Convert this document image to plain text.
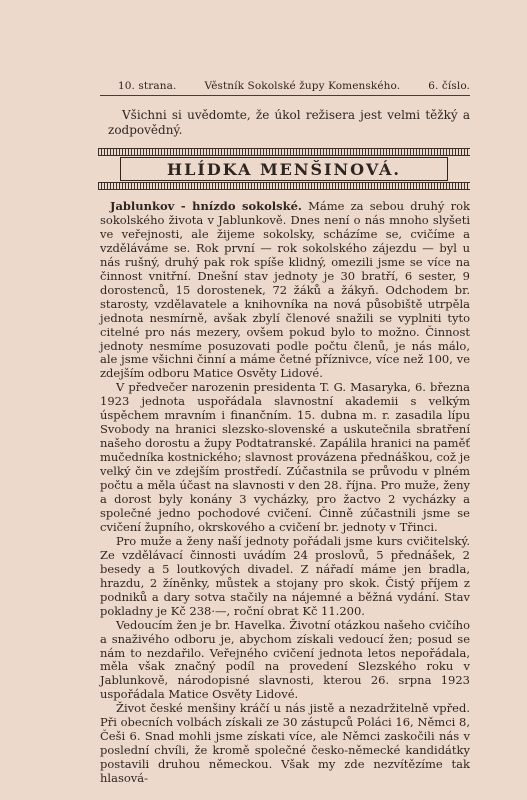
10. strana.	Věstník Sokolské župy Komenského.	6. číslo.

Všichni si uvědomte, že úkol režisera jest velmi těžký a zodpovědný.

HLÍDKA MENŠINOVÁ.

Jablunkov - hnízdo sokolské. Máme za sebou druhý rok sokolského života v Jablunkově. Dnes není o nás mnoho slyšeti ve veřejnosti, ale žijeme sokolsky, scházíme se, cvičíme a vzděláváme se. Rok první — rok sokolského zájezdu — byl u nás rušný, druhý pak rok spíše klidný, omezili jsme se více na činnost vnitřní. Dnešní stav jednoty je 30 bratří, 6 sester, 9 dorostenců, 15 dorostenek, 72 žáků a žákyň. Odchodem br. starosty, vzdělavatele a knihovníka na nová působiště utrpěla jednota nesmírně, avšak zbylí členové snažili se vyplniti tyto citelné pro nás mezery, ovšem pokud bylo to možno. Činnost jednoty nesmíme posuzovati podle počtu členů, je nás málo, ale jsme všichni činní a máme četné příznivce, více než 100, ve zdejším odboru Matice Osvěty Lidové.

V předvečer narozenin presidenta T. G. Masaryka, 6. března 1923 jednota uspořádala slavnostní akademii s velkým úspěchem mravním i finančním. 15. dubna m. r. zasadila lípu Svobody na hranici slezsko-slovenské a uskutečnila sbratření našeho dorostu a župy Podtatranské. Zapálila hranici na paměť mučedníka kostnického; slavnost provázena přednáškou, což je velký čin ve zdejším prostředí. Zúčastnila se průvodu v plném počtu a měla účast na slavnosti v den 28. října. Pro muže, ženy a dorost byly konány 3 vycházky, pro žactvo 2 vycházky a společné jedno pochodové cvičení. Činně zúčastnili jsme se cvičení župního, okrskového a cvičení br. jednoty v Třinci.

Pro muže a ženy naší jednoty pořádali jsme kurs cvičitelský. Ze vzdělávací činnosti uvádím 24 proslovů, 5 přednášek, 2 besedy a 5 loutkových divadel. Z nářadí máme jen bradla, hrazdu, 2 žíněnky, můstek a stojany pro skok. Čistý příjem z podniků a dary sotva stačily na nájemné a běžná vydání. Stav pokladny je Kč 238·—, roční obrat Kč 11.200.

Vedoucím žen je br. Havelka. Životní otázkou našeho cvičího a snaživého odboru je, abychom získali vedoucí žen; posud se nám to nezdařilo. Veřejného cvičení jednota letos nepořádala, měla však značný podíl na provedení Slezského roku v Jablunkově, národopisné slavnosti, kterou 26. srpna 1923 uspořádala Matice Osvěty Lidové.

Život české menšiny kráčí u nás jistě a nezadržitelně vpřed. Při obecních volbách získali ze 30 zástupců Poláci 16, Němci 8, Češi 6. Snad mohli jsme získati více, ale Němci zaskočili nás v poslední chvíli, že kromě společné česko-německé kandidátky postavili druhou německou. Však my zde nezvítězíme tak hlasová-
